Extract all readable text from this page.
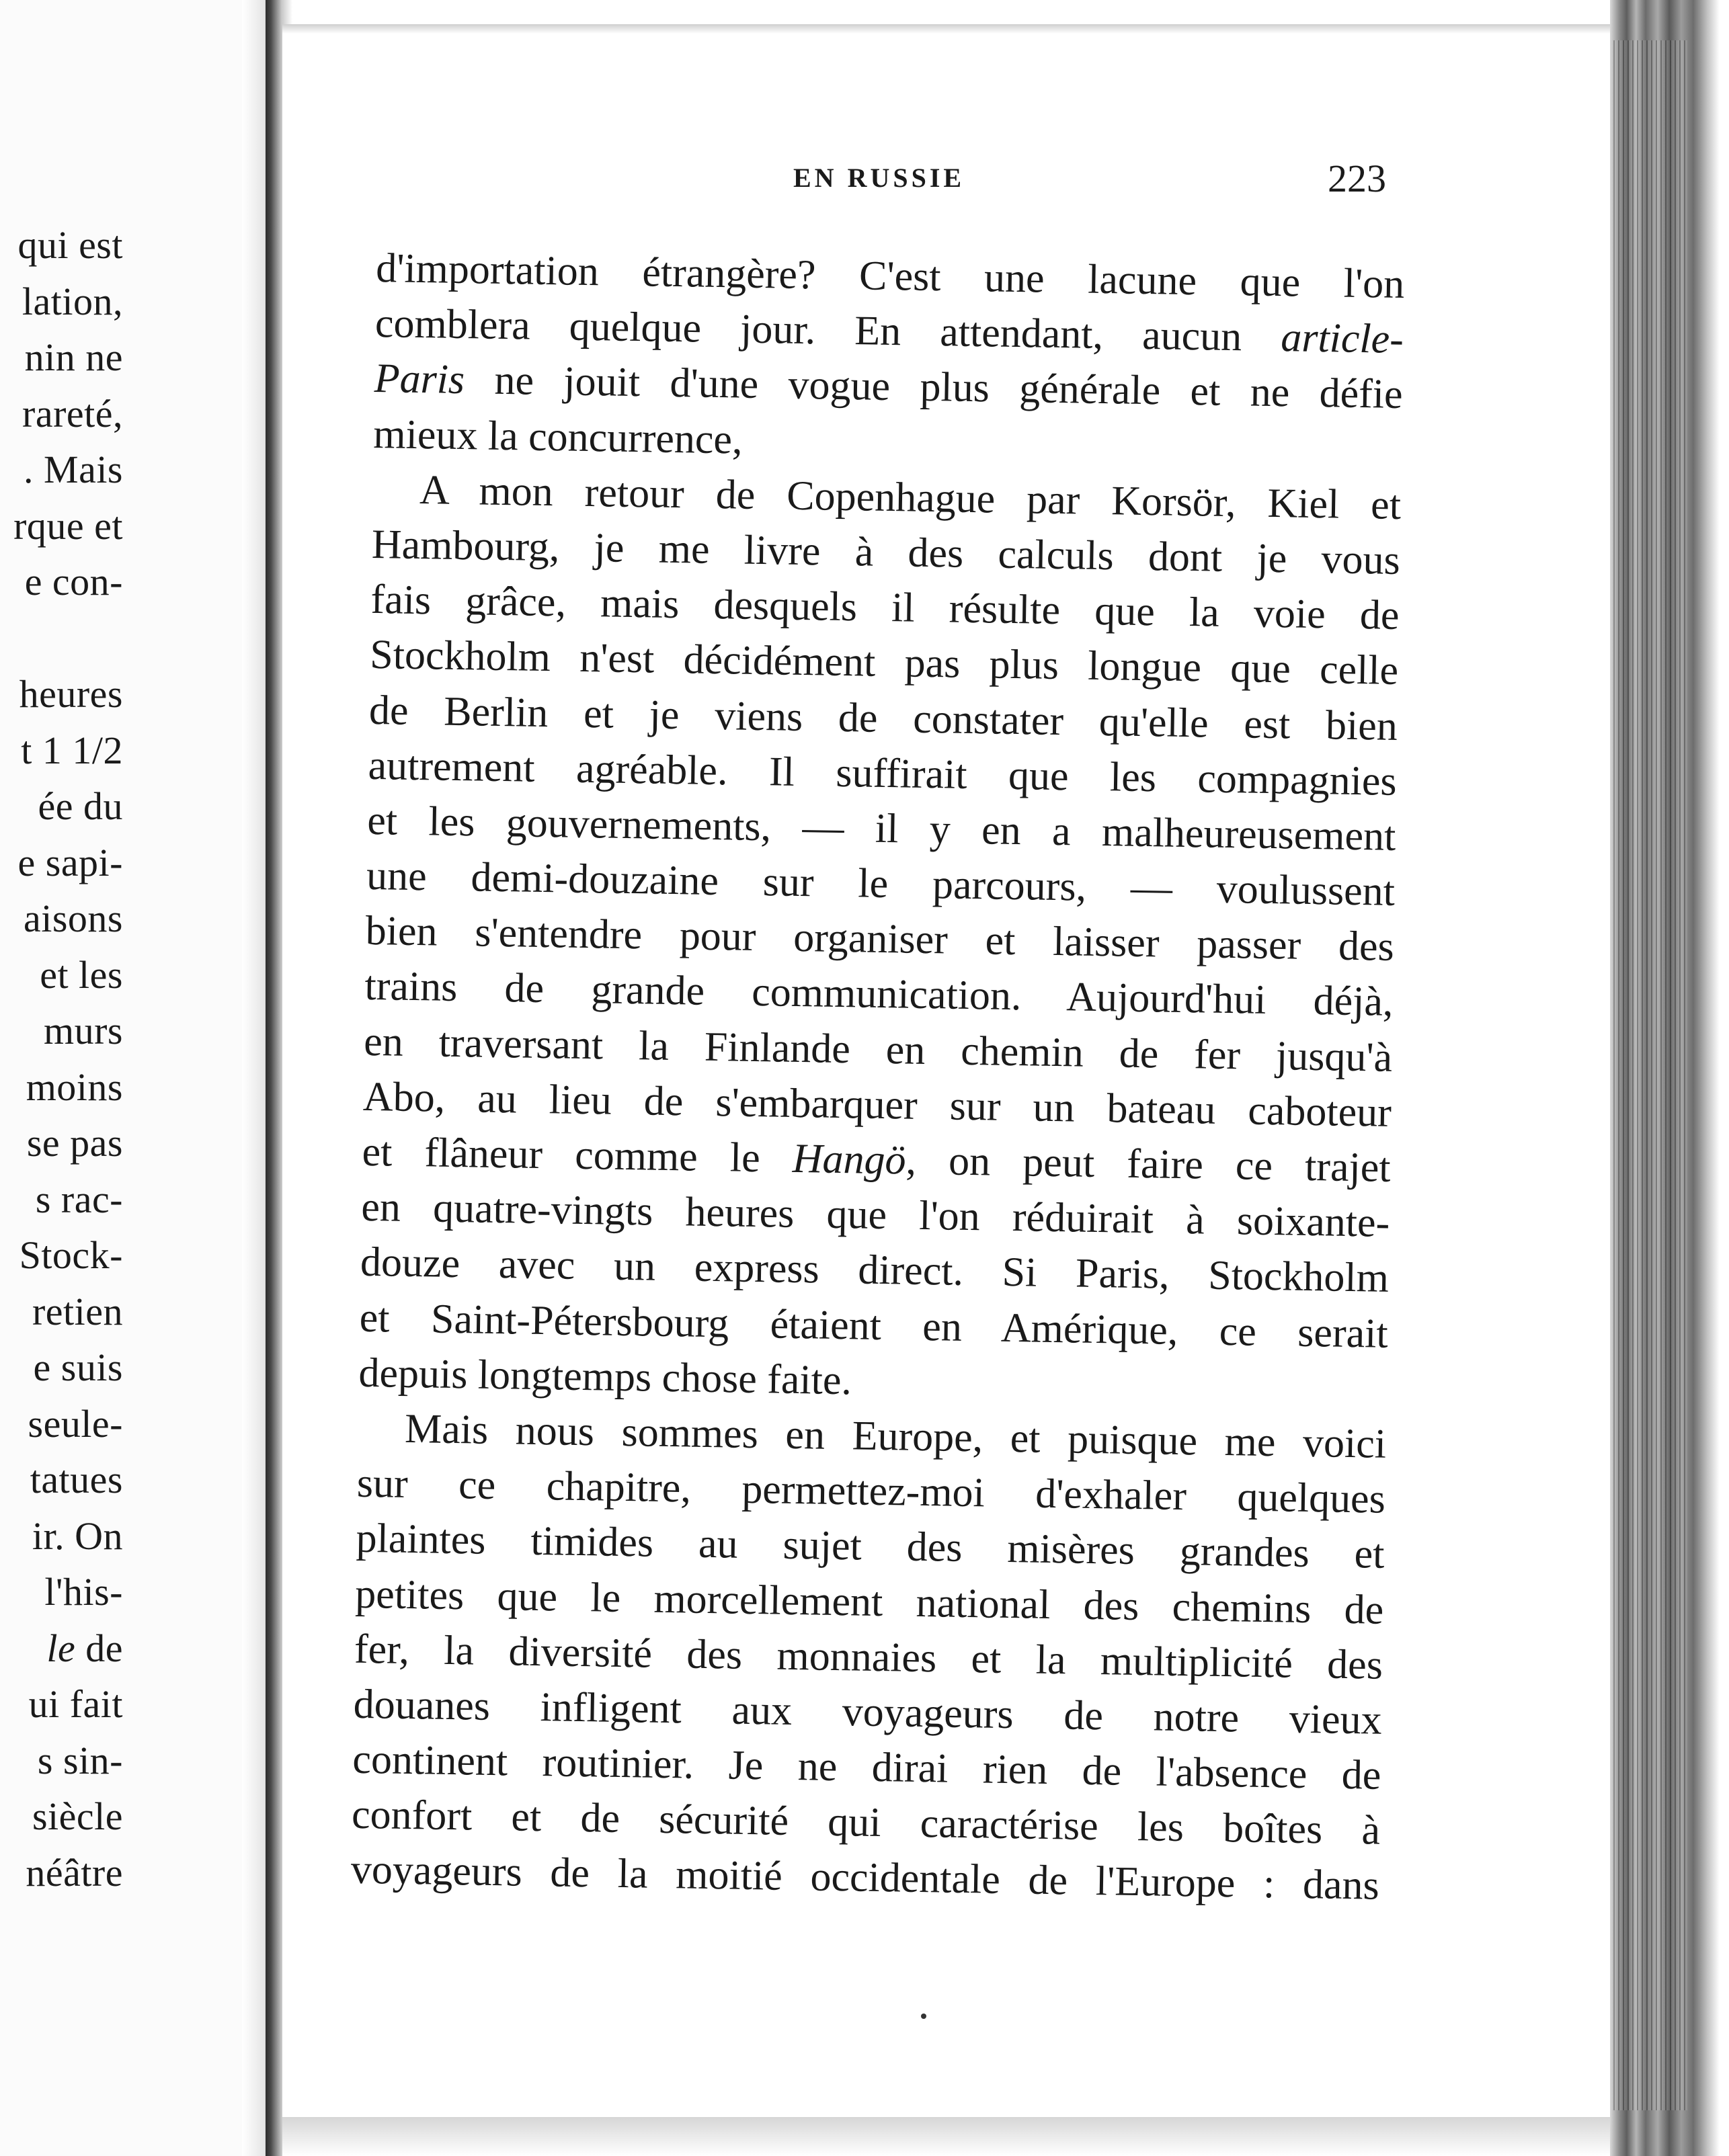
qui est
lation,
nin ne
rareté,
. Mais
rque et
e con-

heures
t 1 1/2
ée du
e sapi-
aisons
et les
murs
moins
se pas
s rac-
Stock-
retien
e suis
seule-
tatues
ir. On
l'his-
le de
ui fait
s sin-
siècle
néâtre
EN RUSSIE	223
d'importation étrangère? C'est une lacune que l'on
comblera quelque jour. En attendant, aucun article-
Paris ne jouit d'une vogue plus générale et ne défie
mieux la concurrence,
A mon retour de Copenhague par Korsör, Kiel et
Hambourg, je me livre à des calculs dont je vous
fais grâce, mais desquels il résulte que la voie de
Stockholm n'est décidément pas plus longue que celle
de Berlin et je viens de constater qu'elle est bien
autrement agréable. Il suffirait que les compagnies
et les gouvernements, — il y en a malheureusement
une demi-douzaine sur le parcours, — voulussent
bien s'entendre pour organiser et laisser passer des
trains de grande communication. Aujourd'hui déjà,
en traversant la Finlande en chemin de fer jusqu'à
Abo, au lieu de s'embarquer sur un bateau caboteur
et flâneur comme le Hangö, on peut faire ce trajet
en quatre-vingts heures que l'on réduirait à soixante-
douze avec un express direct. Si Paris, Stockholm
et Saint-Pétersbourg étaient en Amérique, ce serait
depuis longtemps chose faite.
Mais nous sommes en Europe, et puisque me voici
sur ce chapitre, permettez-moi d'exhaler quelques
plaintes timides au sujet des misères grandes et
petites que le morcellement national des chemins de
fer, la diversité des monnaies et la multiplicité des
douanes infligent aux voyageurs de notre vieux
continent routinier. Je ne dirai rien de l'absence de
confort et de sécurité qui caractérise les boîtes à
voyageurs de la moitié occidentale de l'Europe : dans
